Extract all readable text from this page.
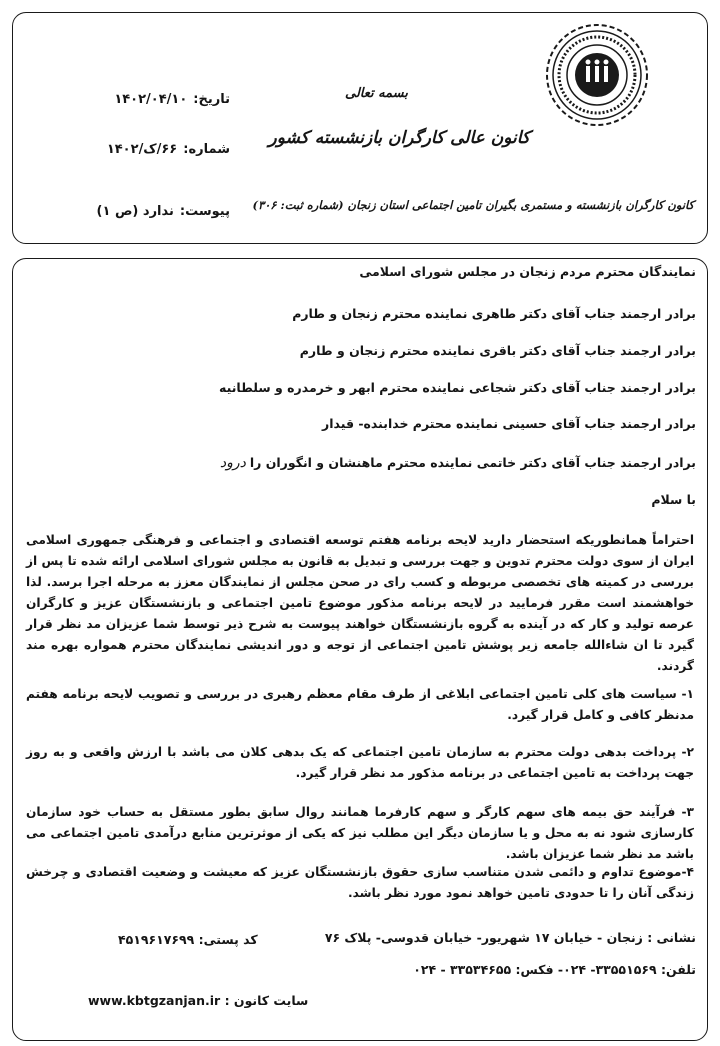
کانون عالی کارگران بازنشسته کشور
بسمه تعالی
کانون کارگران بازنشسته و مستمری بگیران تامین اجتماعی استان زنجان (شماره ثبت: ۳۰۶)
تاریخ:۱۴۰۲/۰۴/۱۰
شماره:۶۶/ک/۱۴۰۲
پیوست:ندارد (ص ۱)
نمایندگان محترم مردم زنجان در مجلس شورای اسلامی
برادر ارجمند جناب آقای دکتر طاهری نماینده محترم زنجان و طارم
برادر ارجمند جناب آقای دکتر باقری نماینده محترم زنجان و طارم
برادر ارجمند جناب آقای دکتر شجاعی نماینده محترم ابهر و خرمدره و سلطانیه
برادر ارجمند جناب آقای حسینی نماینده محترم خدابنده- قیدار
برادر ارجمند جناب آقای دکتر خاتمی نماینده محترم ماهنشان و انگوران رادرود
با سلام
احتراماً همانطوریکه استحضار دارید لایحه برنامه هفتم توسعه اقتصادی و اجتماعی و فرهنگی جمهوری اسلامی ایران از سوی دولت محترم تدوین و جهت بررسی و تبدیل به قانون به مجلس شورای اسلامی ارائه شده تا پس از بررسی در کمیته های تخصصی مربوطه و کسب رای در صحن مجلس از نمایندگان معزز به مرحله اجرا برسد. لذا خواهشمند است مقرر فرمایید در لایحه برنامه مذکور موضوع تامین اجتماعی و بازنشستگان عزیز و کارگران عرصه تولید و کار که در آینده به گروه بازنشستگان خواهند پیوست به شرح ذیر توسط شما عزیزان مد نظر قرار گیرد تا ان شاءالله جامعه زیر پوشش تامین اجتماعی از توجه و دور اندیشی نمایندگان محترم همواره بهره مند گردند.
۱- سیاست های کلی تامین اجتماعی ابلاغی از طرف مقام معظم رهبری در بررسی و تصویب لایحه برنامه هفتم مدنظر کافی و کامل قرار گیرد.
۲- پرداخت بدهی دولت محترم به سازمان تامین اجتماعی که یک بدهی کلان می باشد با ارزش واقعی و به روز جهت پرداخت به تامین اجتماعی در برنامه مذکور مد نظر قرار گیرد.
۳- فرآیند حق بیمه های سهم کارگر و سهم کارفرما همانند روال سابق بطور مستقل به حساب خود سازمان کارسازی شود نه به محل و یا سازمان دیگر این مطلب نیز که یکی از موثرترین منابع درآمدی تامین اجتماعی می باشد مد نظر شما عزیزان باشد.
۴-موضوع تداوم و دائمی شدن متناسب سازی حقوق بازنشستگان عزیز که معیشت و وضعیت اقتصادی و چرخش زندگی آنان را تا حدودی تامین خواهد نمود مورد نظر باشد.
نشانی : زنجان - خیابان ۱۷ شهریور- خیابان قدوسی- پلاک ۷۶
کد پستی: ۴۵۱۹۶۱۷۶۹۹
تلفن: ۳۳۵۵۱۵۶۹- ۰۲۴- فکس: ۳۳۵۳۴۶۵۵ - ۰۲۴
سایت کانون : www.kbtgzanjan.ir
